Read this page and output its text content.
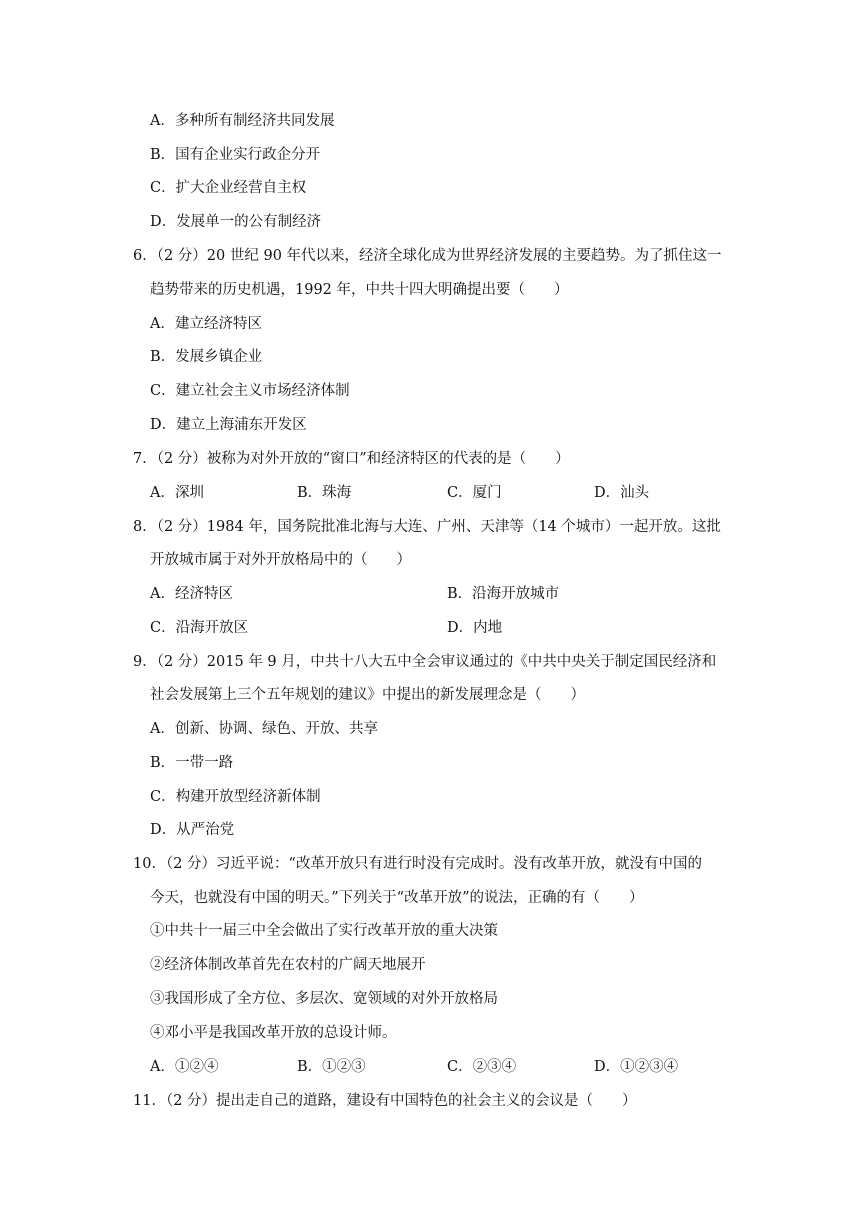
A．多种所有制经济共同发展
B．国有企业实行政企分开
C．扩大企业经营自主权
D．发展单一的公有制经济
6．（2 分）20 世纪 90 年代以来，经济全球化成为世界经济发展的主要趋势。为了抓住这一
趋势带来的历史机遇，1992 年，中共十四大明确提出要（　　）
A．建立经济特区
B．发展乡镇企业
C．建立社会主义市场经济体制
D．建立上海浦东开发区
7．（2 分）被称为对外开放的“窗口”和经济特区的代表的是（　　）
A．深圳	B．珠海	C．厦门	D．汕头
8．（2 分）1984 年，国务院批准北海与大连、广州、天津等（14 个城市）一起开放。这批
开放城市属于对外开放格局中的（　　）
A．经济特区	B．沿海开放城市
C．沿海开放区	D．内地
9．（2 分）2015 年 9 月，中共十八大五中全会审议通过的《中共中央关于制定国民经济和
社会发展第上三个五年规划的建议》中提出的新发展理念是（　　）
A．创新、协调、绿色、开放、共享
B．一带一路
C．构建开放型经济新体制
D．从严治党
10．（2 分）习近平说：“改革开放只有进行时没有完成时。没有改革开放，就没有中国的
今天，也就没有中国的明天。”下列关于“改革开放”的说法，正确的有（　　）
①中共十一届三中全会做出了实行改革开放的重大决策
②经济体制改革首先在农村的广阔天地展开
③我国形成了全方位、多层次、宽领域的对外开放格局
④邓小平是我国改革开放的总设计师。
A．①②④	B．①②③	C．②③④	D．①②③④
11．（2 分）提出走自己的道路，建设有中国特色的社会主义的会议是（　　）
